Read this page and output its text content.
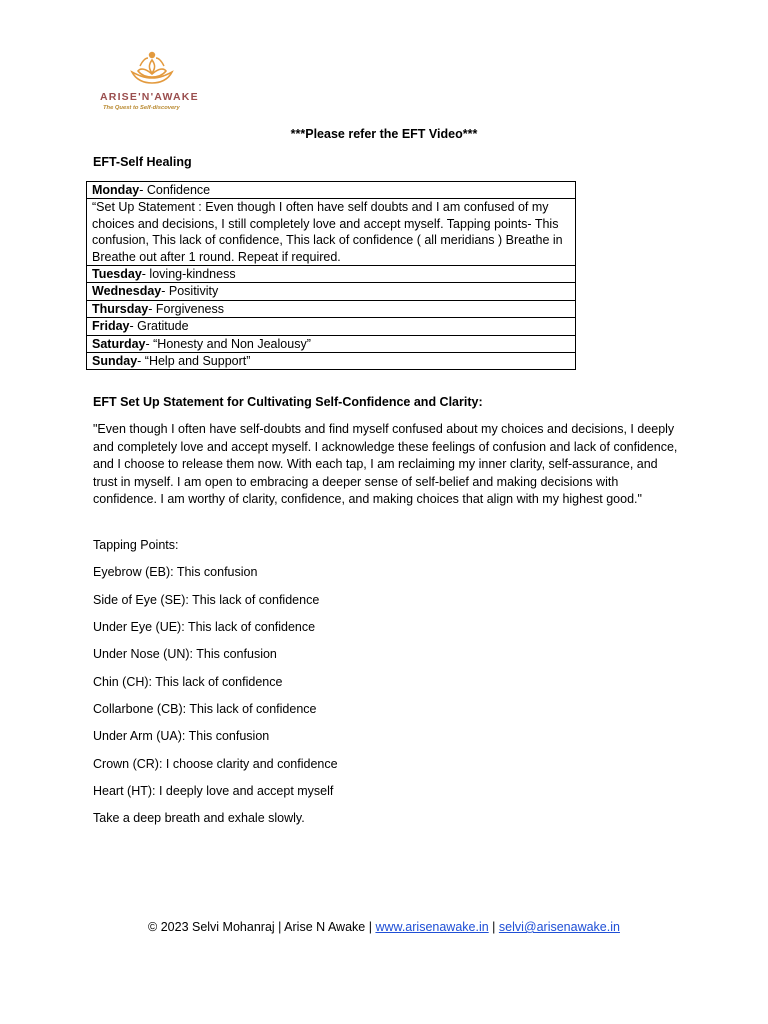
ARISE'N'AWAKE
The Quest to Self-discovery
***Please refer the EFT Video***
EFT-Self Healing
Monday- Confidence
“Set Up Statement : Even though I often have self doubts and I am confused of my choices and decisions, I still completely love and accept myself. Tapping points- This confusion, This lack of confidence, This lack of confidence ( all meridians ) Breathe in Breathe out after 1 round. Repeat if required.
Tuesday- loving-kindness
Wednesday- Positivity
Thursday- Forgiveness
Friday- Gratitude
Saturday- “Honesty and Non Jealousy”
Sunday- “Help and Support”
EFT Set Up Statement for Cultivating Self-Confidence and Clarity:
"Even though I often have self-doubts and find myself confused about my choices and decisions, I deeply and completely love and accept myself. I acknowledge these feelings of confusion and lack of confidence, and I choose to release them now. With each tap, I am reclaiming my inner clarity, self-assurance, and trust in myself. I am open to embracing a deeper sense of self-belief and making decisions with confidence. I am worthy of clarity, confidence, and making choices that align with my highest good."
Tapping Points:
Eyebrow (EB): This confusion
Side of Eye (SE): This lack of confidence
Under Eye (UE): This lack of confidence
Under Nose (UN): This confusion
Chin (CH): This lack of confidence
Collarbone (CB): This lack of confidence
Under Arm (UA): This confusion
Crown (CR): I choose clarity and confidence
Heart (HT): I deeply love and accept myself
Take a deep breath and exhale slowly.
© 2023 Selvi Mohanraj | Arise N Awake | www.arisenawake.in | selvi@arisenawake.in
